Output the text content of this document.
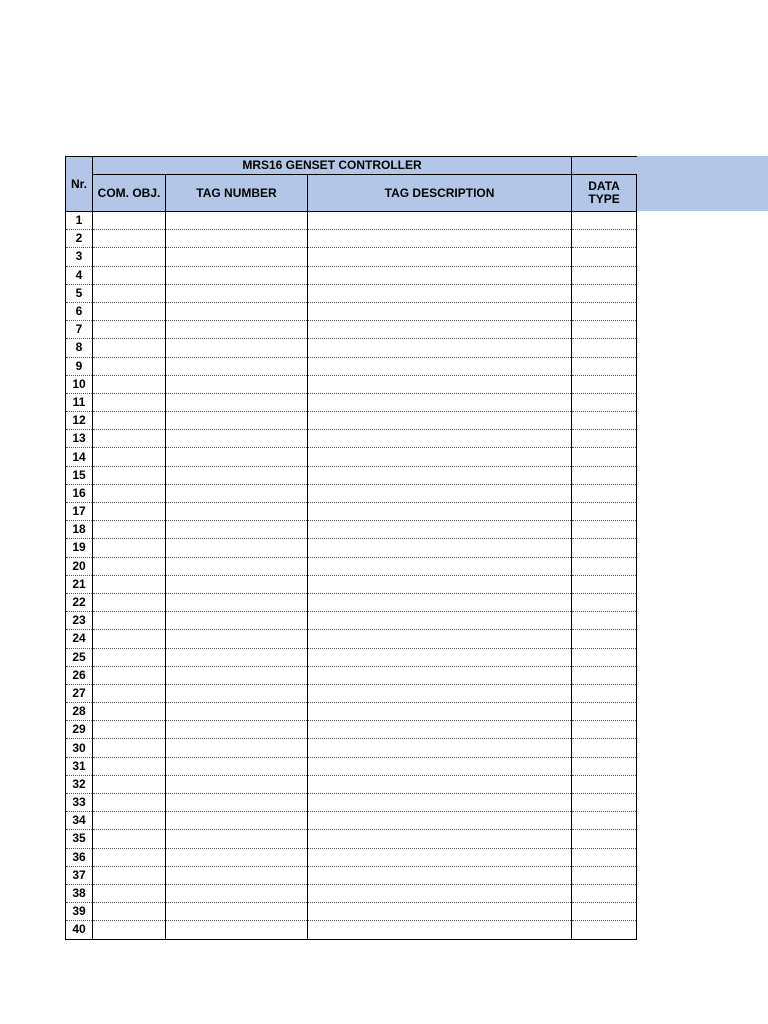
Nr.	MRS16 GENSET CONTROLLER			
	COM. OBJ.	TAG NUMBER	TAG DESCRIPTION	DATA
TYPE

1				
2				
3				
4				
5				
6				
7				
8				
9				
10				
11				
12				
13				
14				
15				
16				
17				
18				
19				
20				
21				
22				
23				
24				
25				
26				
27				
28				
29				
30				
31				
32				
33				
34				
35				
36				
37				
38				
39				
40				
